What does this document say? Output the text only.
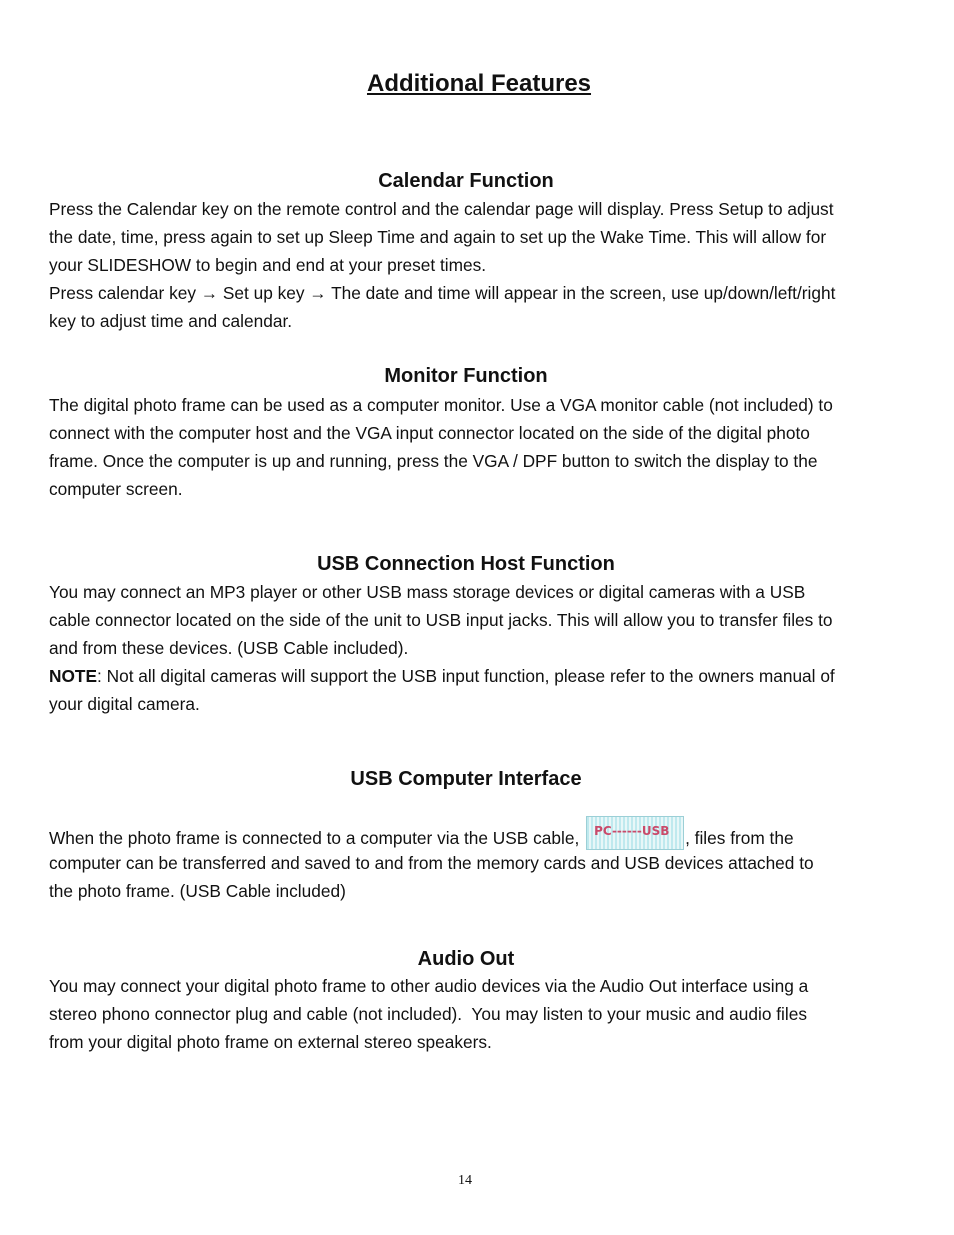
Additional Features
Calendar Function

Press the Calendar key on the remote control and the calendar page will display. Press Setup to adjust
the date, time, press again to set up Sleep Time and again to set up the Wake Time. This will allow for
your SLIDESHOW to begin and end at your preset times.

Press calendar key → Set up key → The date and time will appear in the screen, use up/down/left/right
key to adjust time and calendar.

Monitor Function

The digital photo frame can be used as a computer monitor. Use a VGA monitor cable (not included) to
connect with the computer host and the VGA input connector located on the side of the digital photo
frame. Once the computer is up and running, press the VGA / DPF button to switch the display to the
computer screen.

USB Connection Host Function

You may connect an MP3 player or other USB mass storage devices or digital cameras with a USB
cable connector located on the side of the unit to USB input jacks. This will allow you to transfer files to
and from these devices. (USB Cable included).

NOTE: Not all digital cameras will support the USB input function, please refer to the owners manual of
your digital camera.

USB Computer Interface

When the photo frame is connected to a computer via the USB cable, PC------USB , files from the

computer can be transferred and saved to and from the memory cards and USB devices attached to
the photo frame. (USB Cable included)

Audio Out

You may connect your digital photo frame to other audio devices via the Audio Out interface using a
stereo phono connector plug and cable (not included).  You may listen to your music and audio files
from your digital photo frame on external stereo speakers.

14
